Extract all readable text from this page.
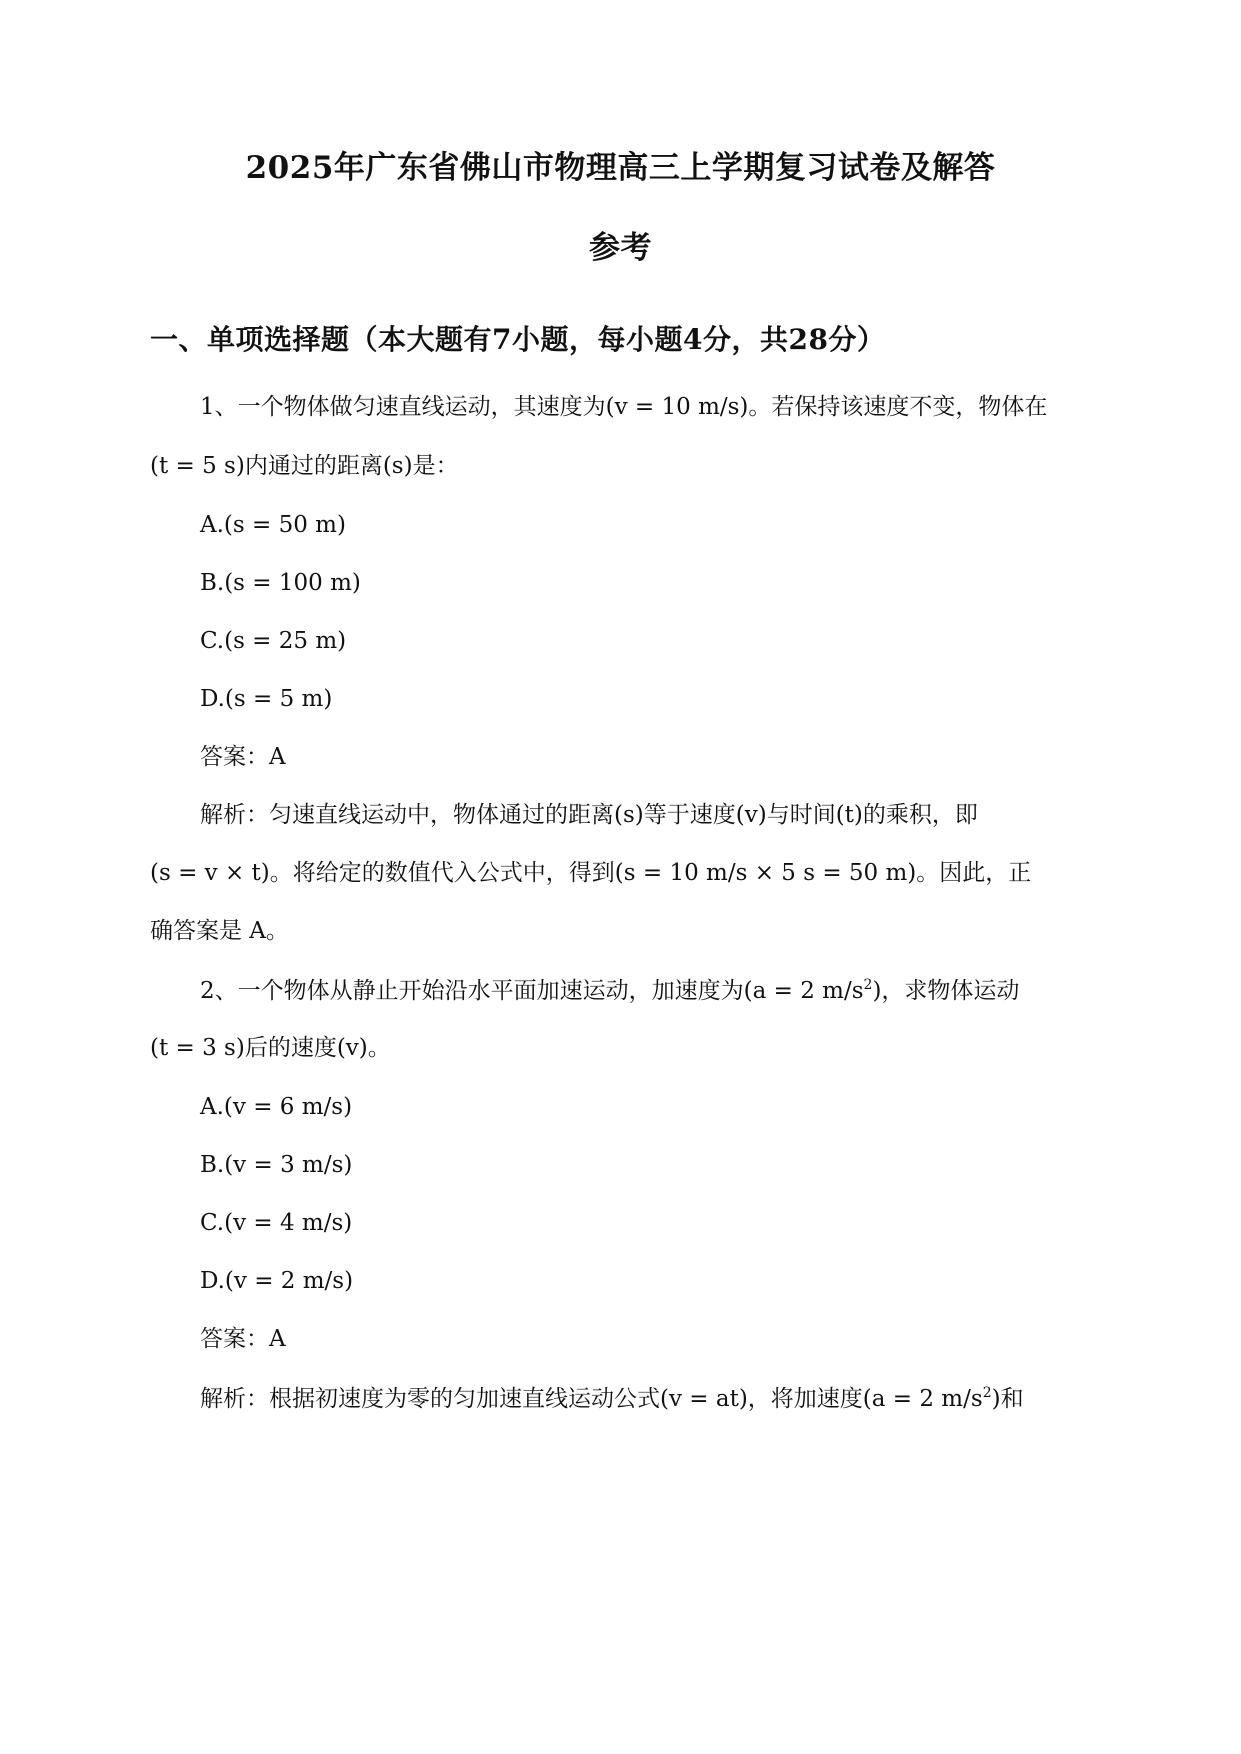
2025年广东省佛山市物理高三上学期复习试卷及解答
参考
一、单项选择题（本大题有7小题，每小题4分，共28分）
1、一个物体做匀速直线运动，其速度为(v = 10 m/s)。若保持该速度不变，物体在
(t = 5 s)内通过的距离(s)是：
A.(s = 50 m)
B.(s = 100 m)
C.(s = 25 m)
D.(s = 5 m)
答案：A
解析：匀速直线运动中，物体通过的距离(s)等于速度(v)与时间(t)的乘积，即
(s = v × t)。将给定的数值代入公式中，得到(s = 10 m/s × 5 s = 50 m)。因此，正
确答案是 A。
2、一个物体从静止开始沿水平面加速运动，加速度为(a = 2 $m/s^2$)，求物体运动
(t = 3 s)后的速度(v)。
A.(v = 6 m/s)
B.(v = 3 m/s)
C.(v = 4 m/s)
D.(v = 2 m/s)
答案：A
解析：根据初速度为零的匀加速直线运动公式(v = at)，将加速度(a = 2 $m/s^2$)和
